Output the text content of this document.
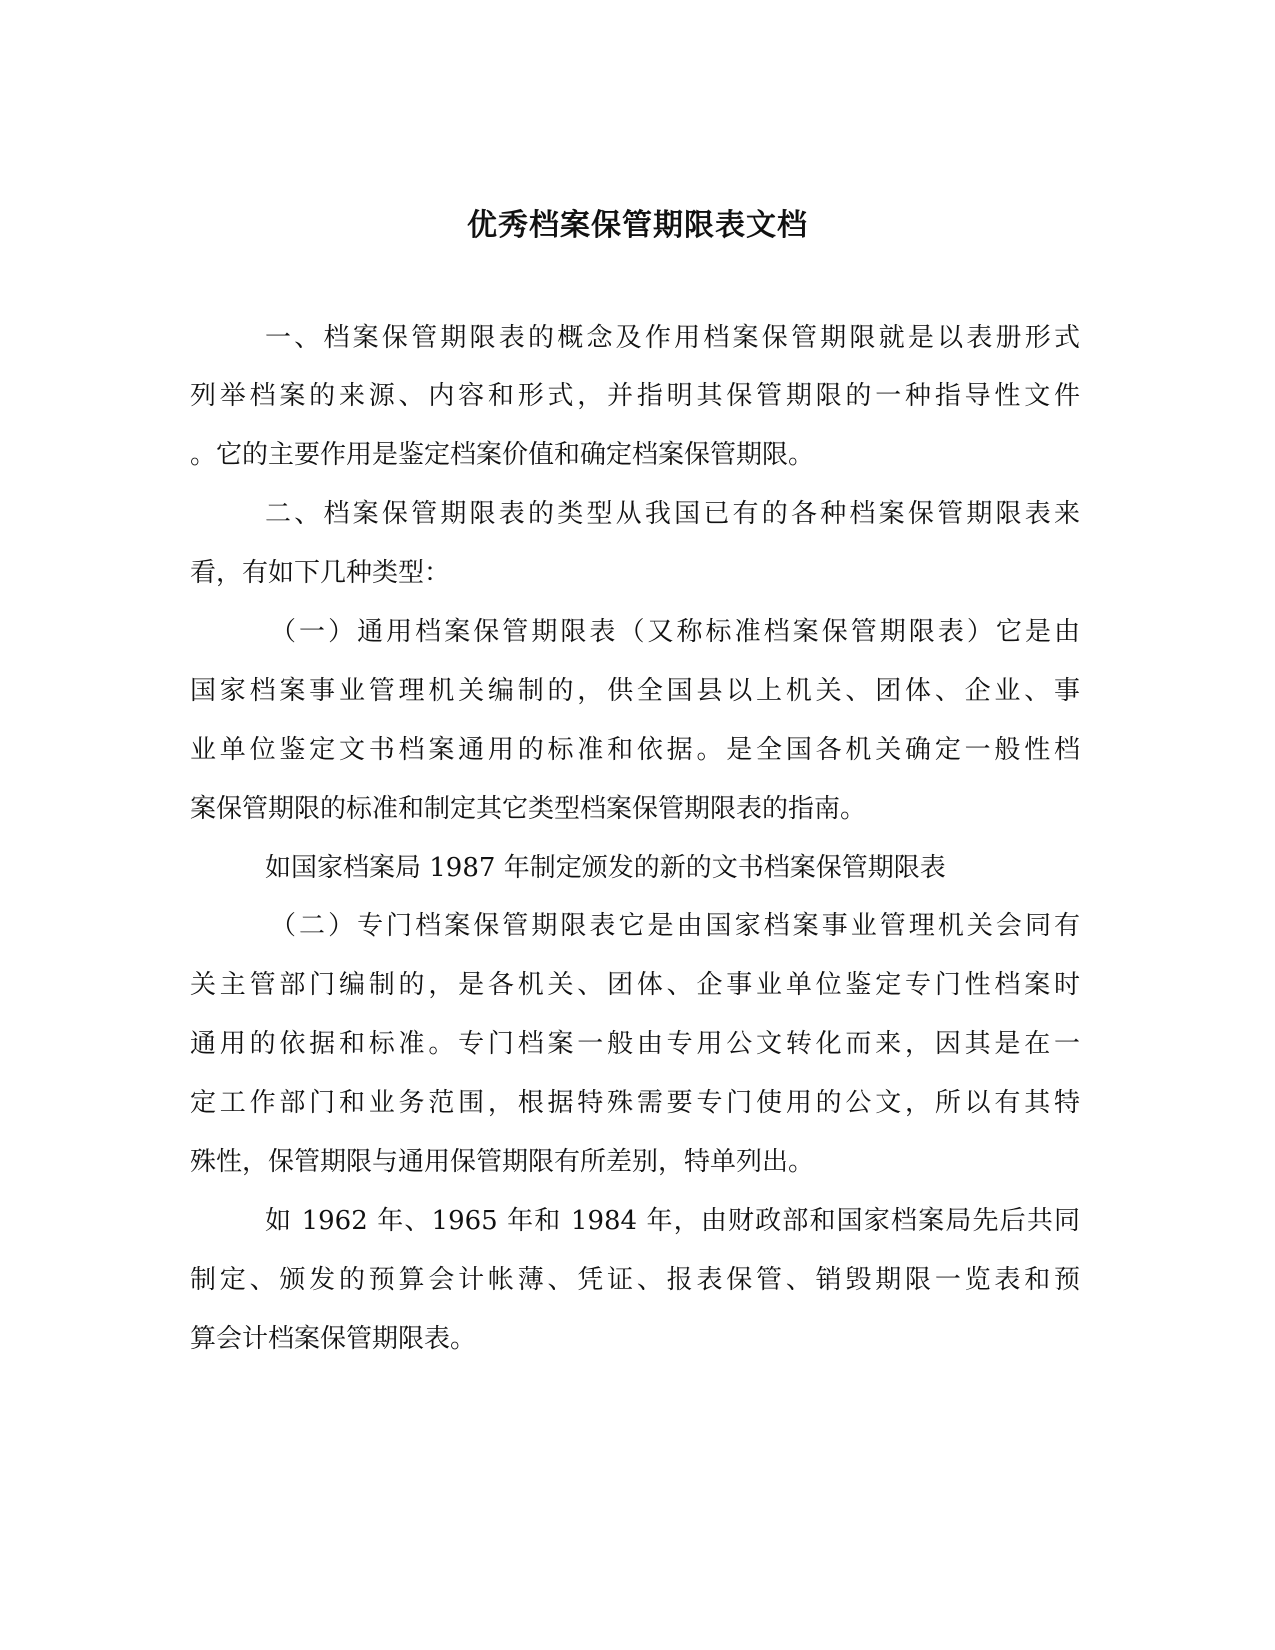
优秀档案保管期限表文档

一、档案保管期限表的概念及作用档案保管期限就是以表册形式

列举档案的来源、内容和形式，并指明其保管期限的一种指导性文件

。它的主要作用是鉴定档案价值和确定档案保管期限。

二、档案保管期限表的类型从我国已有的各种档案保管期限表来

看，有如下几种类型：

（一）通用档案保管期限表（又称标准档案保管期限表）它是由

国家档案事业管理机关编制的，供全国县以上机关、团体、企业、事

业单位鉴定文书档案通用的标准和依据。是全国各机关确定一般性档

案保管期限的标准和制定其它类型档案保管期限表的指南。

如国家档案局 1987 年制定颁发的新的文书档案保管期限表

（二）专门档案保管期限表它是由国家档案事业管理机关会同有

关主管部门编制的，是各机关、团体、企事业单位鉴定专门性档案时

通用的依据和标准。专门档案一般由专用公文转化而来，因其是在一

定工作部门和业务范围，根据特殊需要专门使用的公文，所以有其特

殊性，保管期限与通用保管期限有所差别，特单列出。

如 1962 年、1965 年和 1984 年，由财政部和国家档案局先后共同

制定、颁发的预算会计帐薄、凭证、报表保管、销毁期限一览表和预

算会计档案保管期限表。
